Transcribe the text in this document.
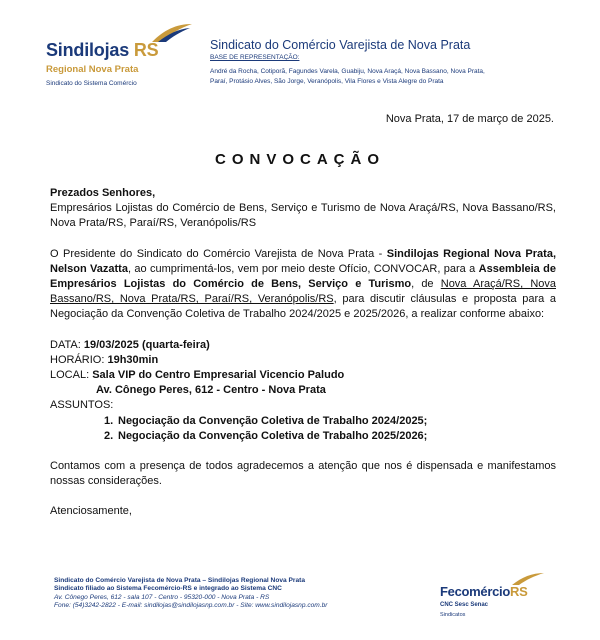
Sindilojas RS
Regional Nova Prata
Sindicato do Sistema Comércio
Sindicato do Comércio Varejista de Nova Prata
BASE DE REPRESENTAÇÃO:
André da Rocha, Cotiporã, Fagundes Varela, Guabiju, Nova Araçá, Nova Bassano, Nova Prata,
Paraí, Protásio Alves, São Jorge, Veranópolis, Vila Flores e Vista Alegre do Prata
Nova Prata, 17 de março de 2025.
CONVOCAÇÃO
Prezados Senhores,
Empresários Lojistas do Comércio de Bens, Serviço e Turismo de Nova Araçá/RS, Nova Bassano/RS, Nova Prata/RS, Paraí/RS, Veranópolis/RS
O Presidente do Sindicato do Comércio Varejista de Nova Prata - Sindilojas Regional Nova Prata, Nelson Vazatta, ao cumprimentá-los, vem por meio deste Ofício, CONVOCAR, para a Assembleia de Empresários Lojistas do Comércio de Bens, Serviço e Turismo, de Nova Araçá/RS, Nova Bassano/RS, Nova Prata/RS, Paraí/RS, Veranópolis/RS, para discutir cláusulas e proposta para a Negociação da Convenção Coletiva de Trabalho 2024/2025 e 2025/2026, a realizar conforme abaixo:
DATA: 19/03/2025 (quarta-feira)
HORÁRIO: 19h30min
LOCAL: Sala VIP do Centro Empresarial Vicencio Paludo
Av. Cônego Peres, 612 - Centro - Nova Prata
ASSUNTOS:
1. Negociação da Convenção Coletiva de Trabalho 2024/2025;
2. Negociação da Convenção Coletiva de Trabalho 2025/2026;
Contamos com a presença de todos agradecemos a atenção que nos é dispensada e manifestamos nossas considerações.
Atenciosamente,
Sindicato do Comércio Varejista de Nova Prata – Sindilojas Regional Nova Prata
Sindicato filiado ao Sistema Fecomércio-RS e integrado ao Sistema CNC
Av. Cônego Peres, 612 - sala 107 - Centro - 95320-000 - Nova Prata - RS
Fone: (54)3242-2822 - E-mail: sindilojas@sindilojasnp.com.br - Site: www.sindilojasnp.com.br
FecomércioRS
CNC Sesc Senac
Sindicatos
